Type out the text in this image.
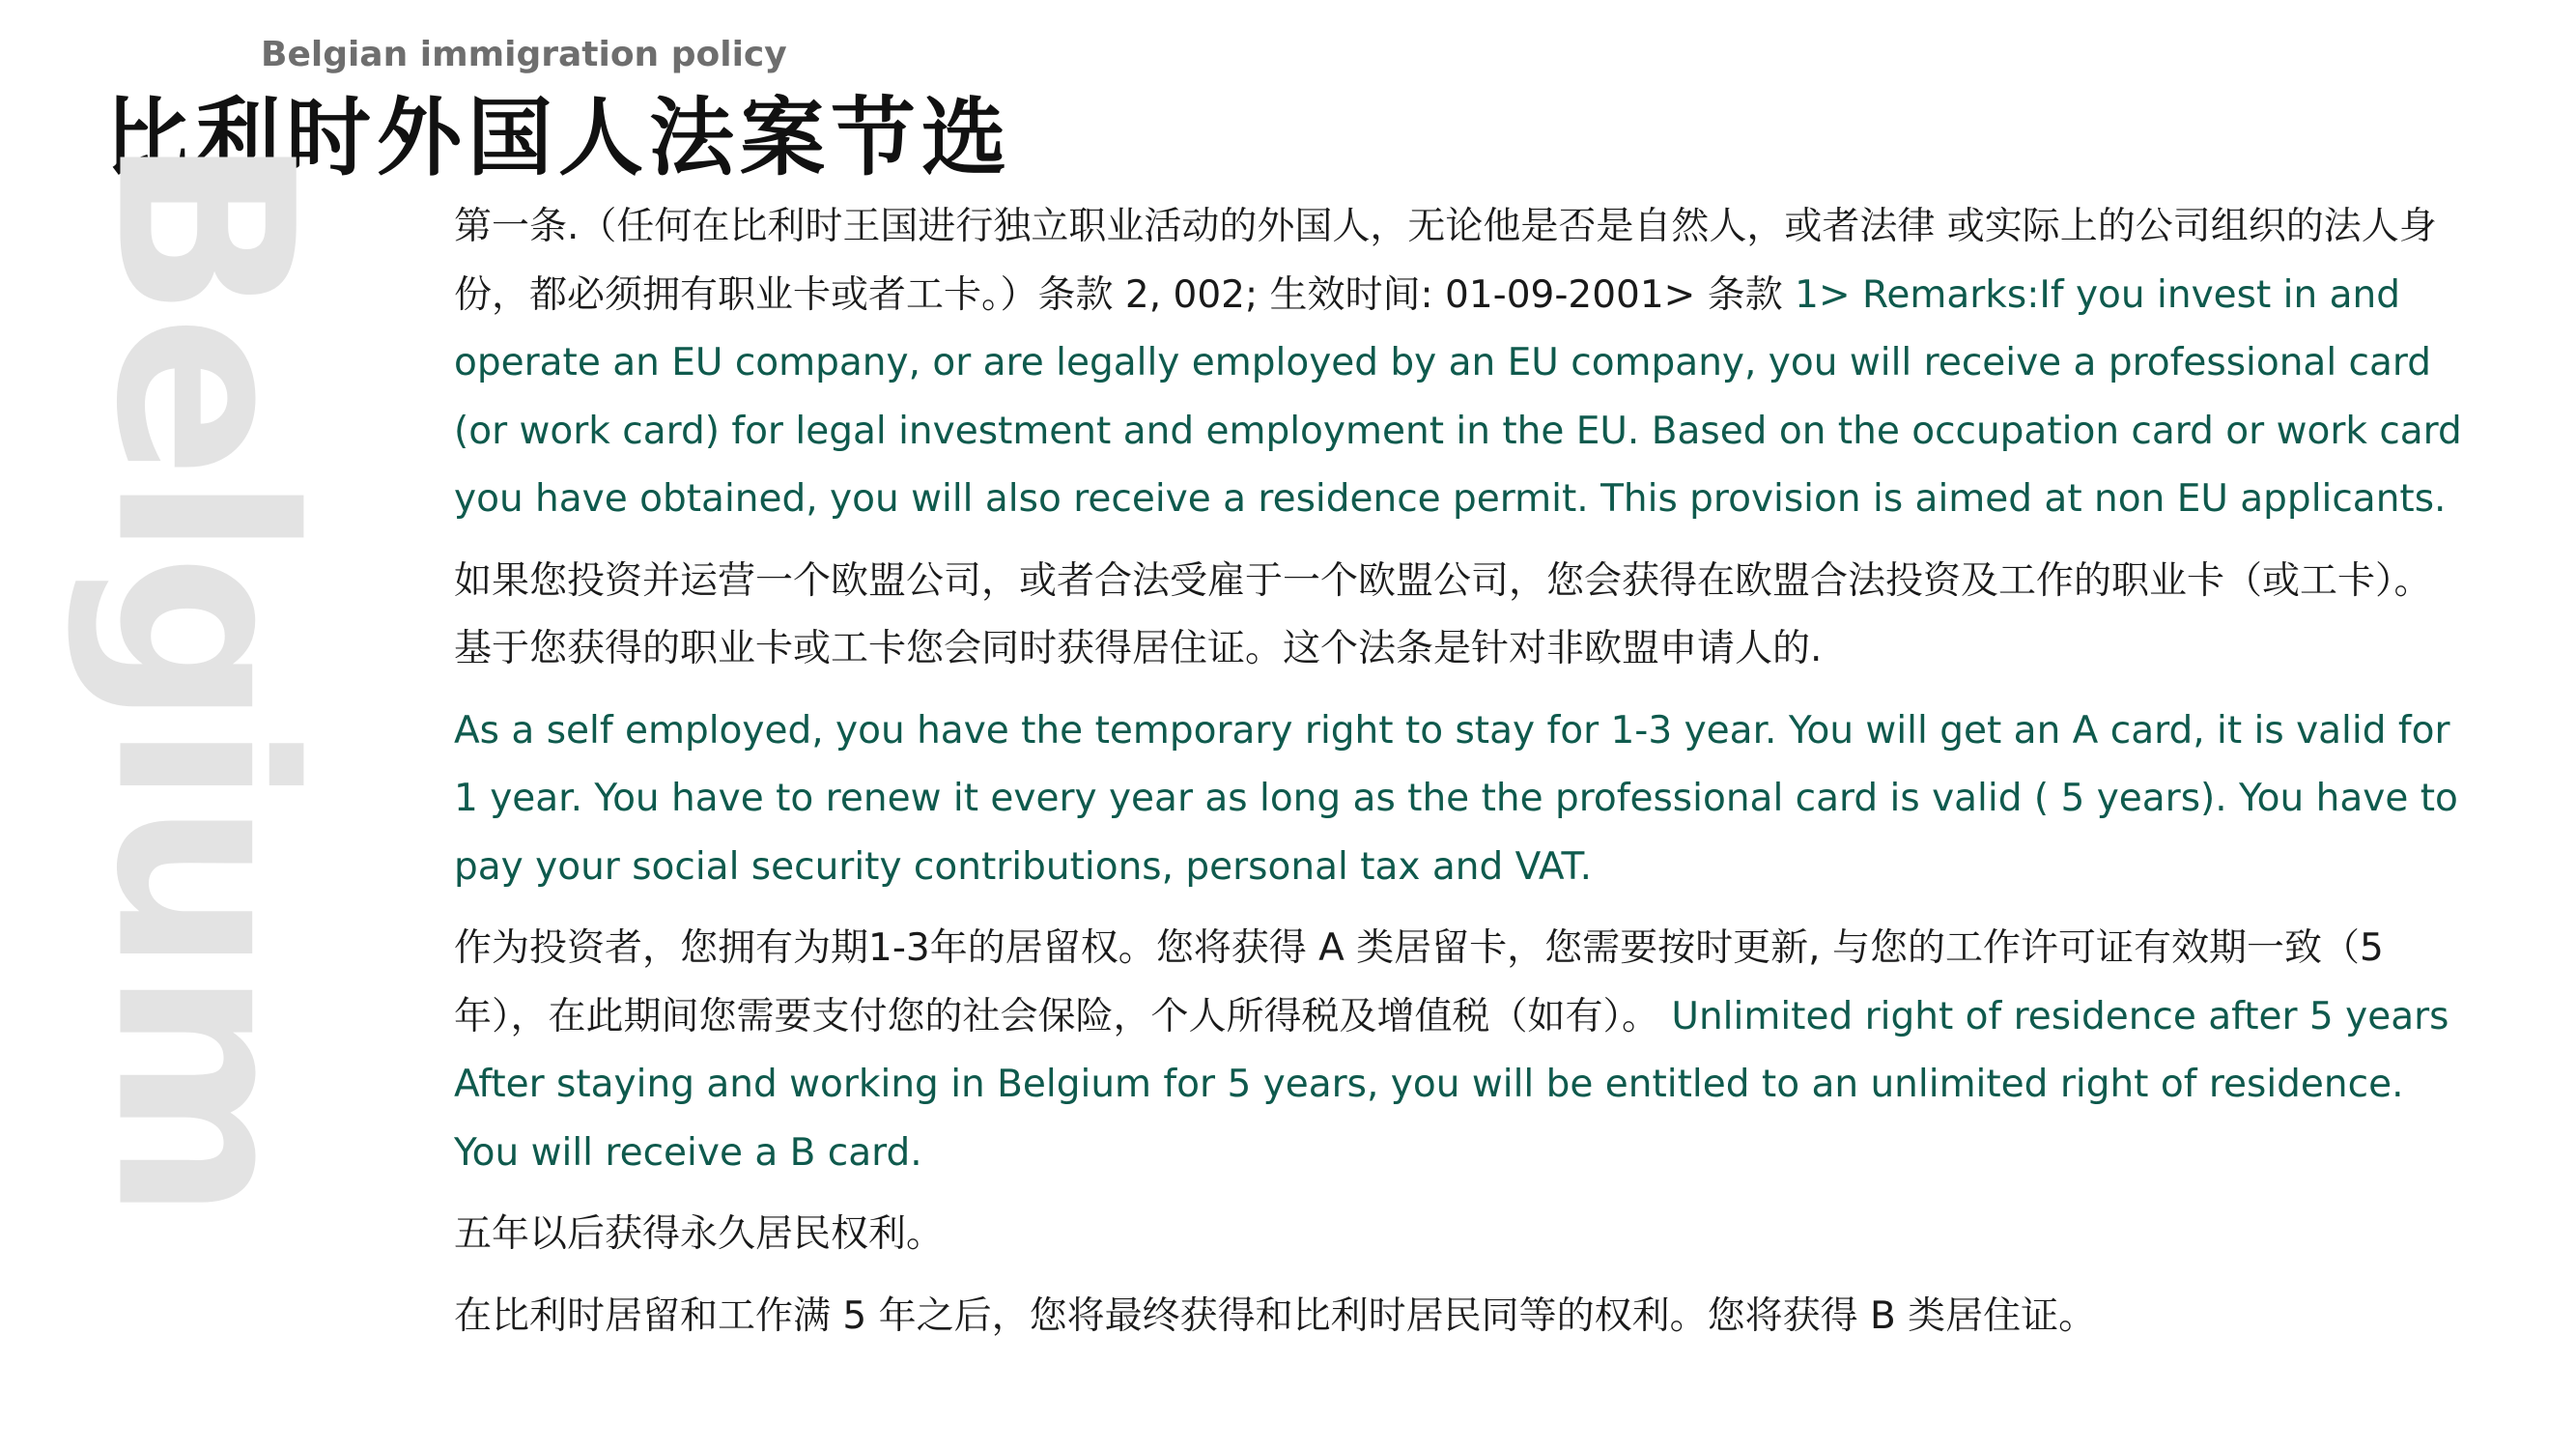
Belgian immigration policy
比利时外国人法案节选
Belgium	第一条.（任何在比利时王国进行独立职业活动的外国人，无论他是否是自然人，或者法律 或实际上的公司组织的法人身份，都必须拥有职业卡或者工卡。）条款 2, 002; 生效时间: 01-09-2001> 条款 1> Remarks:If you invest in and operate an EU company, or are legally employed by an EU company, you will receive a professional card (or work card) for legal investment and employment in the EU. Based on the occupation card or work card you have obtained, you will also receive a residence permit. This provision is aimed at non EU applicants.

如果您投资并运营一个欧盟公司，或者合法受雇于一个欧盟公司，您会获得在欧盟合法投资及工作的职业卡（或工卡）。基于您获得的职业卡或工卡您会同时获得居住证。这个法条是针对非欧盟申请人的.

As a self employed, you have the temporary right to stay for 1-3 year. You will get an A card, it is valid for 1 year. You have to renew it every year as long as the the professional card is valid ( 5 years). You have to pay your social security contributions, personal tax and VAT.

作为投资者，您拥有为期1-3年的居留权。您将获得 A 类居留卡，您需要按时更新, 与您的工作许可证有效期一致（5年），在此期间您需要支付您的社会保险，个人所得税及增值税（如有）。 Unlimited right of residence after 5 years After staying and working in Belgium for 5 years, you will be entitled to an unlimited right of residence. You will receive a B card.

五年以后获得永久居民权利。

在比利时居留和工作满 5 年之后，您将最终获得和比利时居民同等的权利。您将获得 B 类居住证。
